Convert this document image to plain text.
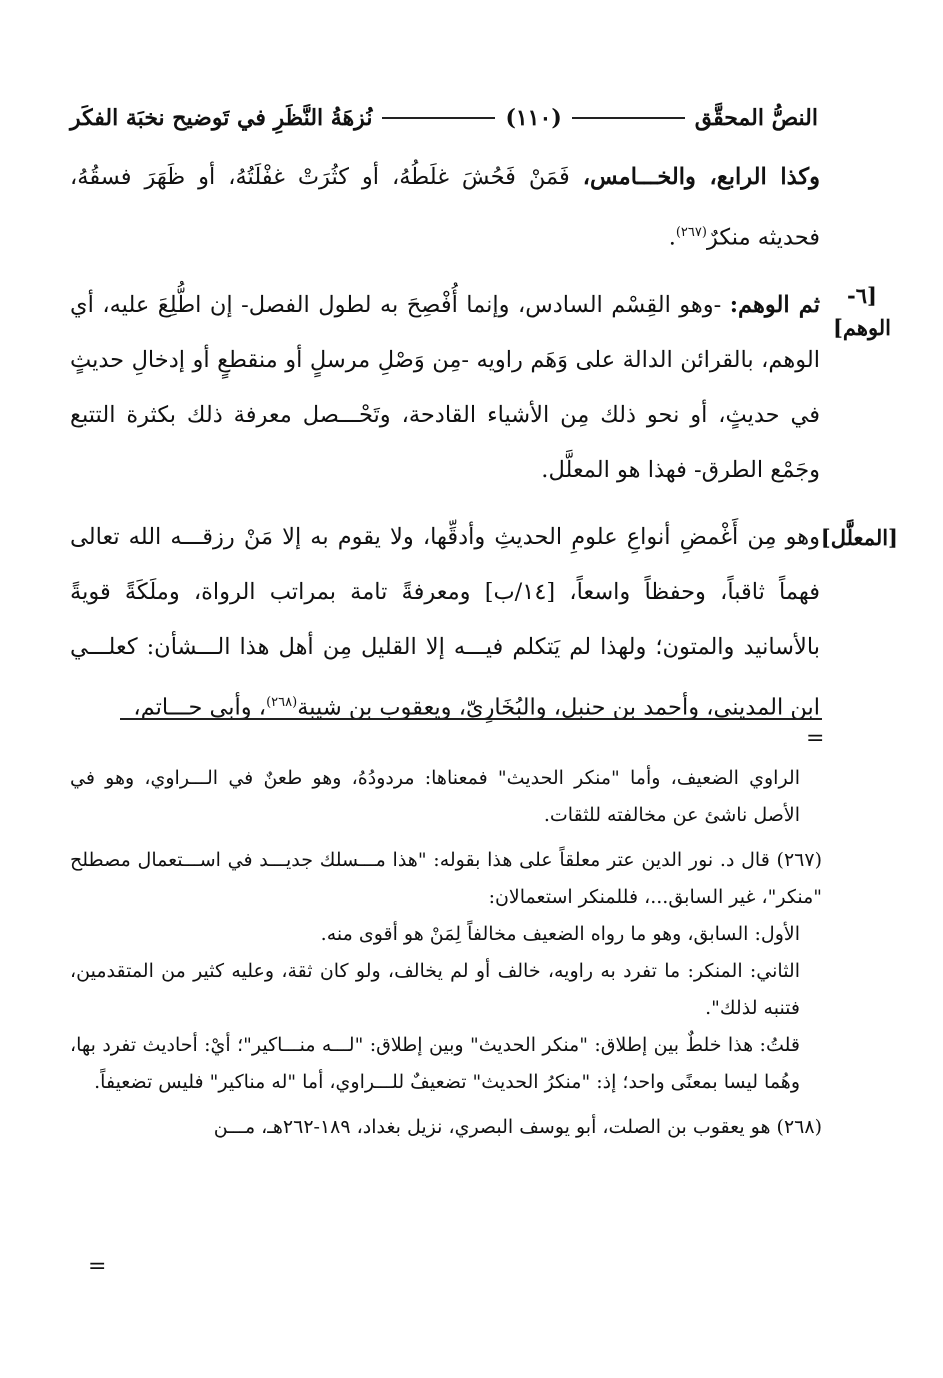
النصُّ المحقَّق
(١١٠)
نُزهَةُ النَّظَرِ في تَوضيح نخبَة الفكَر

وكذا الرابع، والخـــامس، فَمَنْ فَحُشَ غلَطُهُ، أو كثُرَتْ غفْلَتُهُ، أو ظَهَرَ فسقُهُ، فحديثه منكرٌ$^{(٢٦٧)}$.

[٦- الوهم]
ثم الوهم: -وهو القِسْم السادس، وإنما أُفْصِحَ به لطول الفصل- إن اطُّلِعَ عليه، أي الوهم، بالقرائن الدالة على وَهَم راويه -مِن وَصْلِ مرسلٍ أو منقطعٍ أو إدخالِ حديثٍ في حديثٍ، أو نحو ذلك مِن الأشياء القادحة، وتَحْـــصل معرفة ذلك بكثرة التتبع وجَمْع الطرق- فهذا هو المعلَّل.

[المعلَّل]
وهو مِن أَغْمضِ أنواعِ علومِ الحديثِ وأدقِّها، ولا يقوم به إلا مَنْ رزقـــه الله تعالى فهماً ثاقباً، وحفظاً واسعاً، [١٤/ب] ومعرفةً تامة بمراتب الرواة، وملَكَةً قويةً بالأسانيد والمتون؛ ولهذا لم يَتكلم فيـــه إلا القليل مِن أهل هذا الـــشأن: كعلـــي ابن المديني، وأحمد بن حنبل، والبُخَارِيّ، ويعقوب بن شيبة$^{(٢٦٨)}$، وأبي حـــاتم،

=

الراوي الضعيف، وأما "منكر الحديث" فمعناها: مردودُهُ، وهو طعنٌ في الـــراوي، وهو في الأصل ناشئ عن مخالفته للثقات.

(٢٦٧) قال د. نور الدين عتر معلقاً على هذا بقوله: "هذا مـــسلك جديـــد في اســـتعمال مصطلح "منكر"، غير السابق...، فللمنكر استعمالان:

الأول: السابق، وهو ما رواه الضعيف مخالفاً لِمَنْ هو أقوى منه.

الثاني: المنكر: ما تفرد به راويه، خالف أو لم يخالف، ولو كان ثقة، وعليه كثير من المتقدمين، فتنبه لذلك".

قلتُ: هذا خلطٌ بين إطلاق: "منكر الحديث" وبين إطلاق: "لـــه منـــاكير"؛ أيْ: أحاديث تفرد بها، وهُما ليسا بمعنًى واحد؛ إذ: "منكرُ الحديث" تضعيفٌ للـــراوي، أما "له مناكير" فليس تضعيفاً.

(٢٦٨) هو يعقوب بن الصلت، أبو يوسف البصري، نزيل بغداد، ١٨٩-٢٦٢هـ، مـــن

=
